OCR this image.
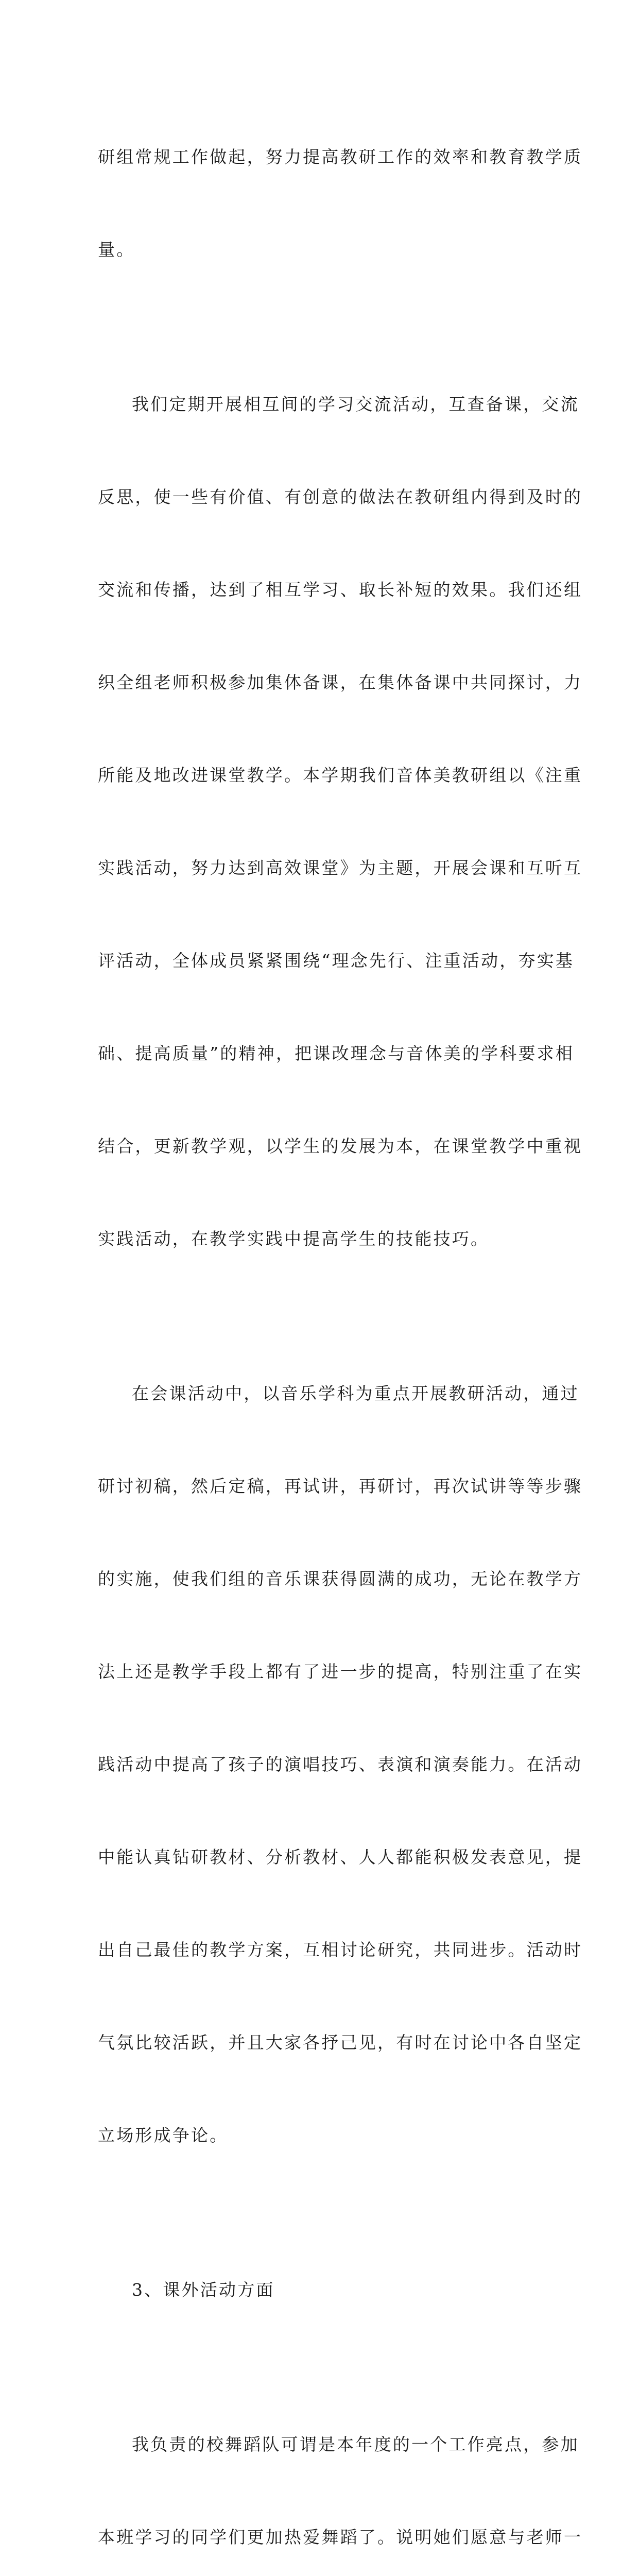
研组常规工作做起，努力提高教研工作的效率和教育教学质

量。

我们定期开展相互间的学习交流活动，互查备课，交流

反思，使一些有价值、有创意的做法在教研组内得到及时的

交流和传播，达到了相互学习、取长补短的效果。我们还组

织全组老师积极参加集体备课，在集体备课中共同探讨，力

所能及地改进课堂教学。本学期我们音体美教研组以《注重

实践活动，努力达到高效课堂》为主题，开展会课和互听互

评活动，全体成员紧紧围绕“理念先行、注重活动，夯实基

础、提高质量”的精神，把课改理念与音体美的学科要求相

结合，更新教学观，以学生的发展为本，在课堂教学中重视

实践活动，在教学实践中提高学生的技能技巧。

在会课活动中，以音乐学科为重点开展教研活动，通过

研讨初稿，然后定稿，再试讲，再研讨，再次试讲等等步骤

的实施，使我们组的音乐课获得圆满的成功，无论在教学方

法上还是教学手段上都有了进一步的提高，特别注重了在实

践活动中提高了孩子的演唱技巧、表演和演奏能力。在活动

中能认真钻研教材、分析教材、人人都能积极发表意见，提

出自己最佳的教学方案，互相讨论研究，共同进步。活动时

气氛比较活跃，并且大家各抒己见，有时在讨论中各自坚定

立场形成争论。

3、课外活动方面

我负责的校舞蹈队可谓是本年度的一个工作亮点，参加

本班学习的同学们更加热爱舞蹈了。说明她们愿意与老师一
